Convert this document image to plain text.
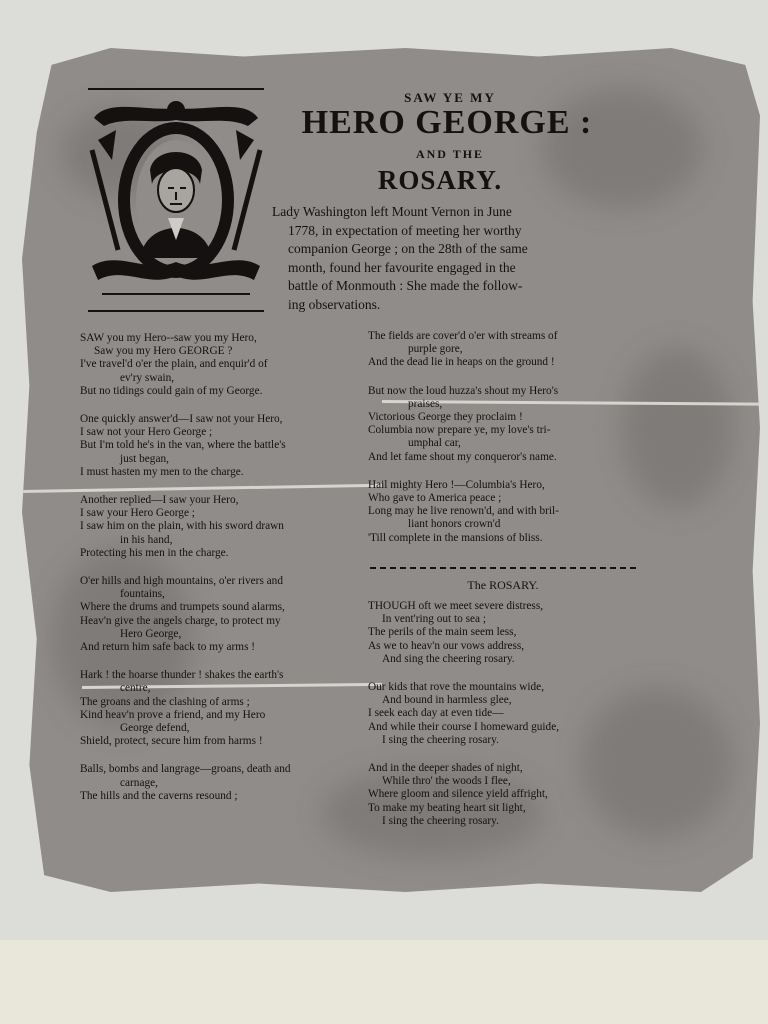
SAW YE MY
HERO GEORGE :
AND THE
ROSARY.
Lady Washington left Mount Vernon in June
1778, in expectation of meeting her worthy
companion George ; on the 28th of the same
month, found her favourite engaged in the
battle of Monmouth : She made the follow-
ing observations.
SAW you my Hero--saw you my Hero,
Saw you my Hero GEORGE ?
I've travel'd o'er the plain, and enquir'd of
ev'ry swain,
But no tidings could gain of my George.
One quickly answer'd—I saw not your Hero,
I saw not your Hero George ;
But I'm told he's in the van, where the battle's
just began,
I must hasten my men to the charge.
Another replied—I saw your Hero,
I saw your Hero George ;
I saw him on the plain, with his sword drawn
in his hand,
Protecting his men in the charge.
O'er hills and high mountains, o'er rivers and
fountains,
Where the drums and trumpets sound alarms,
Heav'n give the angels charge, to protect my
Hero George,
And return him safe back to my arms !
Hark ! the hoarse thunder ! shakes the earth's
centre,
The groans and the clashing of arms ;
Kind heav'n prove a friend, and my Hero
George defend,
Shield, protect, secure him from harms !
Balls, bombs and langrage—groans, death and
carnage,
The hills and the caverns resound ;
The fields are cover'd o'er with streams of
purple gore,
And the dead lie in heaps on the ground !
But now the loud huzza's shout my Hero's
praises,
Victorious George they proclaim !
Columbia now prepare ye, my love's tri-
umphal car,
And let fame shout my conqueror's name.
Hail mighty Hero !—Columbia's Hero,
Who gave to America peace ;
Long may he live renown'd, and with bril-
liant honors crown'd
'Till complete in the mansions of bliss.
The ROSARY.
THOUGH oft we meet severe distress,
In vent'ring out to sea ;
The perils of the main seem less,
As we to heav'n our vows address,
And sing the cheering rosary.
Our kids that rove the mountains wide,
And bound in harmless glee,
I seek each day at even tide—
And while their course I homeward guide,
I sing the cheering rosary.
And in the deeper shades of night,
While thro' the woods I flee,
Where gloom and silence yield affright,
To make my beating heart sit light,
I sing the cheering rosary.
